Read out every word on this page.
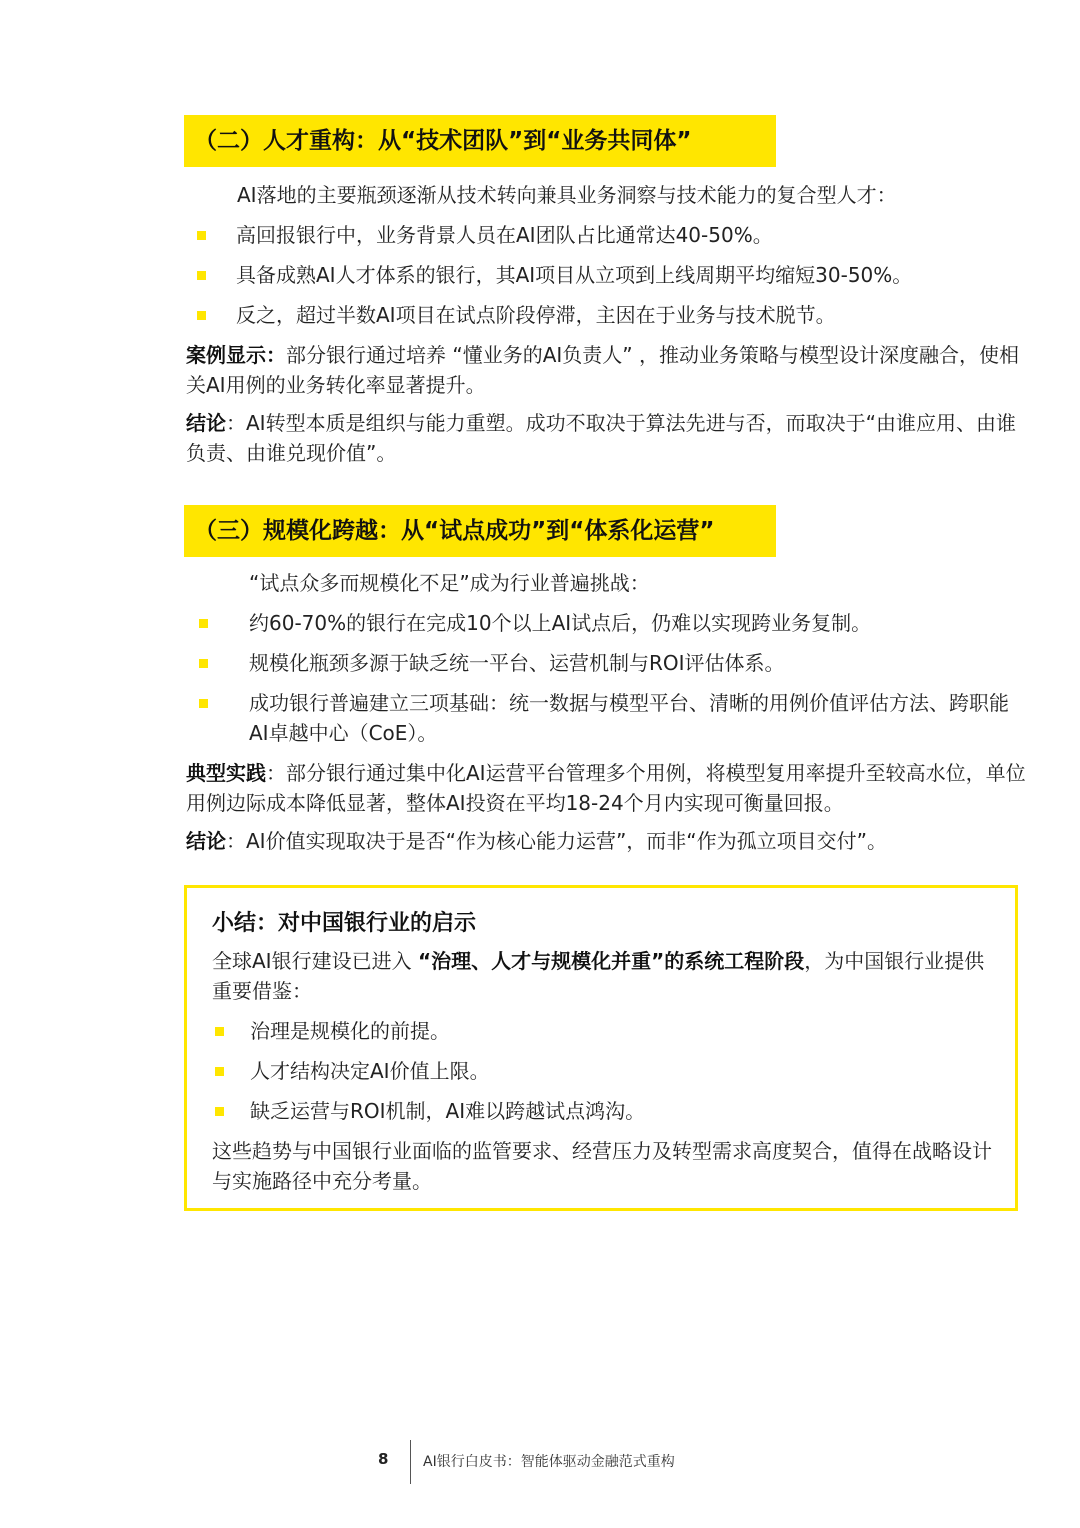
（二）人才重构：从“技术团队”到“业务共同体”
AI落地的主要瓶颈逐渐从技术转向兼具业务洞察与技术能力的复合型人才：
高回报银行中，业务背景人员在AI团队占比通常达40-50%。
具备成熟AI人才体系的银行，其AI项目从立项到上线周期平均缩短30-50%。
反之，超过半数AI项目在试点阶段停滞，主因在于业务与技术脱节。
案例显示：部分银行通过培养 “懂业务的AI负责人” ，推动业务策略与模型设计深度融合，使相关AI用例的业务转化率显著提升。
结论：AI转型本质是组织与能力重塑。成功不取决于算法先进与否，而取决于“由谁应用、由谁负责、由谁兑现价值”。
（三）规模化跨越：从“试点成功”到“体系化运营”
“试点众多而规模化不足”成为行业普遍挑战：
约60-70%的银行在完成10个以上AI试点后，仍难以实现跨业务复制。
规模化瓶颈多源于缺乏统一平台、运营机制与ROI评估体系。
成功银行普遍建立三项基础：统一数据与模型平台、清晰的用例价值评估方法、跨职能AI卓越中心（CoE）。
典型实践：部分银行通过集中化AI运营平台管理多个用例，将模型复用率提升至较高水位，单位用例边际成本降低显著，整体AI投资在平均18-24个月内实现可衡量回报。
结论：AI价值实现取决于是否“作为核心能力运营”，而非“作为孤立项目交付”。
小结：对中国银行业的启示
全球AI银行建设已进入 “治理、人才与规模化并重”的系统工程阶段，为中国银行业提供重要借鉴：
治理是规模化的前提。
人才结构决定AI价值上限。
缺乏运营与ROI机制，AI难以跨越试点鸿沟。
这些趋势与中国银行业面临的监管要求、经营压力及转型需求高度契合，值得在战略设计与实施路径中充分考量。
8 AI银行白皮书：智能体驱动金融范式重构
